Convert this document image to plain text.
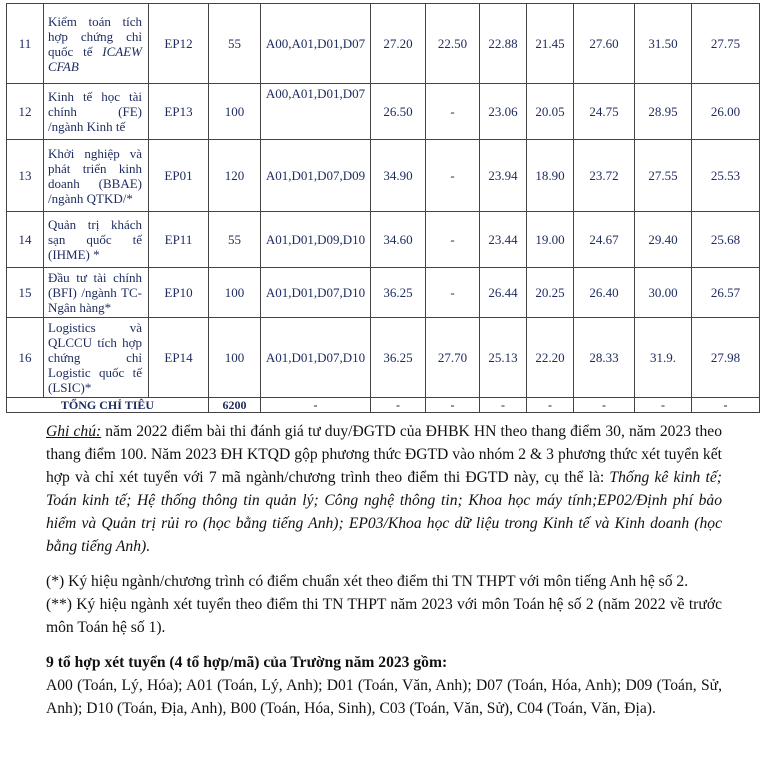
11	Kiểm toán tích hợp chứng chỉ quốc tế ICAEW CFAB	EP12	55	A00,A01,D01,D07	27.20	22.50	22.88	21.45	27.60	31.50	27.75
12	Kinh tế học tài chính (FE) /ngành Kinh tế	EP13	100	A00,A01,D01,D07	26.50	-	23.06	20.05	24.75	28.95	26.00
13	Khởi nghiệp và phát triển kinh doanh (BBAE) /ngành QTKD/*	EP01	120	A01,D01,D07,D09	34.90	-	23.94	18.90	23.72	27.55	25.53
14	Quản trị khách sạn quốc tế (IHME) *	EP11	55	A01,D01,D09,D10	34.60	-	23.44	19.00	24.67	29.40	25.68
15	Đầu tư tài chính (BFI) /ngành TC-Ngân hàng*	EP10	100	A01,D01,D07,D10	36.25	-	26.44	20.25	26.40	30.00	26.57
16	Logistics và QLCCU tích hợp chứng chỉ Logistic quốc tế (LSIC)*	EP14	100	A01,D01,D07,D10	36.25	27.70	25.13	22.20	28.33	31.9.	27.98
TỔNG CHỈ TIÊU			6200	-	-	-	-	-	-	-	-

Ghi chú: năm 2022 điểm bài thi đánh giá tư duy/ĐGTD của ĐHBK HN theo thang điểm 30, năm 2023 theo thang điểm 100. Năm 2023 ĐH KTQD gộp phương thức ĐGTD vào nhóm 2 & 3 phương thức xét tuyển kết hợp và chỉ xét tuyển với 7 mã ngành/chương trình theo điểm thi ĐGTD này, cụ thể là: Thống kê kinh tế; Toán kinh tế; Hệ thống thông tin quản lý; Công nghệ thông tin; Khoa học máy tính;EP02/Định phí bảo hiểm và Quản trị rủi ro (học bằng tiếng Anh); EP03/Khoa học dữ liệu trong Kinh tế và Kinh doanh (học bằng tiếng Anh).

(*) Ký hiệu ngành/chương trình có điểm chuẩn xét theo điểm thi TN THPT với môn tiếng Anh hệ số 2.

(**) Ký hiệu ngành xét tuyển theo điểm thi TN THPT năm 2023 với môn Toán hệ số 2 (năm 2022 về trước môn Toán hệ số 1).

9 tổ hợp xét tuyển (4 tổ hợp/mã) của Trường năm 2023 gồm:

A00 (Toán, Lý, Hóa); A01 (Toán, Lý, Anh); D01 (Toán, Văn, Anh); D07 (Toán, Hóa, Anh); D09 (Toán, Sử, Anh); D10 (Toán, Địa, Anh), B00 (Toán, Hóa, Sinh), C03 (Toán, Văn, Sử), C04 (Toán, Văn, Địa).
